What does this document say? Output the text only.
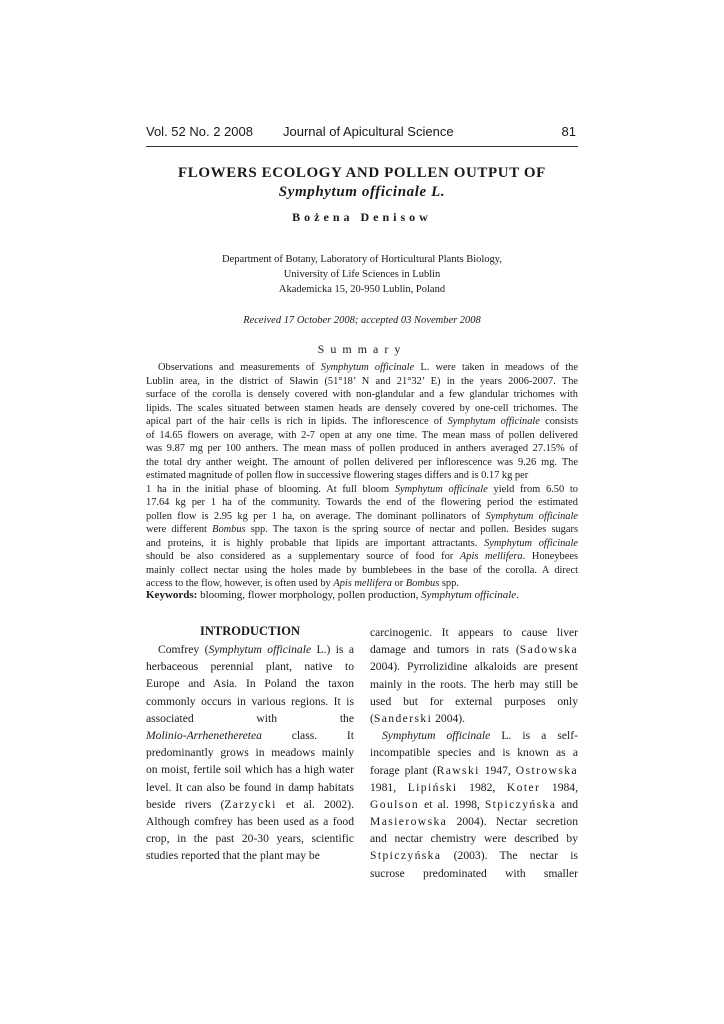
Vol. 52 No. 2 2008 Journal of Apicultural Science	81
FLOWERS ECOLOGY AND POLLEN OUTPUT OF
Symphytum officinale L.
Bożena Denisow
Department of Botany, Laboratory of Horticultural Plants Biology,
University of Life Sciences in Lublin
Akademicka 15, 20-950 Lublin, Poland
Received 17 October 2008; accepted 03 November 2008
Summary
Observations and measurements of Symphytum officinale L. were taken in meadows of the
Lublin area, in the district of Sławin (51°18’ N and 21°32’ E) in the years 2006-2007. The
surface of the corolla is densely covered with non-glandular and a few glandular trichomes with
lipids. The scales situated between stamen heads are densely covered by one-cell trichomes. The
apical part of the hair cells is rich in lipids. The inflorescence of Symphytum officinale consists
of 14.65 flowers on average, with 2-7 open at any one time. The mean mass of pollen delivered
was 9.87 mg per 100 anthers. The mean mass of pollen produced in anthers averaged 27.15% of
the total dry anther weight. The amount of pollen delivered per inflorescence was 9.26 mg. The
estimated magnitude of pollen flow in successive flowering stages differs and is 0.17 kg per
1 ha in the initial phase of blooming. At full bloom Symphytum officinale yield from 6.50 to
17.64 kg per 1 ha of the community. Towards the end of the flowering period the estimated
pollen flow is 2.95 kg per 1 ha, on average. The dominant pollinators of Symphytum officinale
were different Bombus spp. The taxon is the spring source of nectar and pollen. Besides sugars
and proteins, it is highly probable that lipids are important attractants. Symphytum officinale
should be also considered as a supplementary source of food for Apis mellifera. Honeybees
mainly collect nectar using the holes made by bumblebees in the base of the corolla. A direct
access to the flow, however, is often used by Apis mellifera or Bombus spp.
Keywords: blooming, flower morphology, pollen production, Symphytum officinale.
INTRODUCTION
Comfrey (Symphytum officinale L.) is a
herbaceous perennial plant, native to
Europe and Asia. In Poland the taxon
commonly occurs in various regions. It is
associated with the
Molinio-Arrhenetheretea class. It
predominantly grows in meadows mainly
on moist, fertile soil which has a high water
level. It can also be found in damp habitats
beside rivers (Zarzycki et al. 2002).
Although comfrey has been used as a food
crop, in the past 20-30 years, scientific
studies reported that the plant may be
carcinogenic. It appears to cause liver
damage and tumors in rats (Sadowska
2004). Pyrrolizidine alkaloids are present
mainly in the roots. The herb may still be
used but for external purposes only
(Sanderski 2004).
Symphytum officinale L. is a self-
incompatible species and is known as a
forage plant (Rawski 1947, Ostrowska
1981, Lipiński 1982, Koter 1984,
Goulson et al. 1998, Stpiczyńska and
Masierowska 2004). Nectar secretion
and nectar chemistry were described by
Stpiczyńska (2003). The nectar is
sucrose predominated with smaller
